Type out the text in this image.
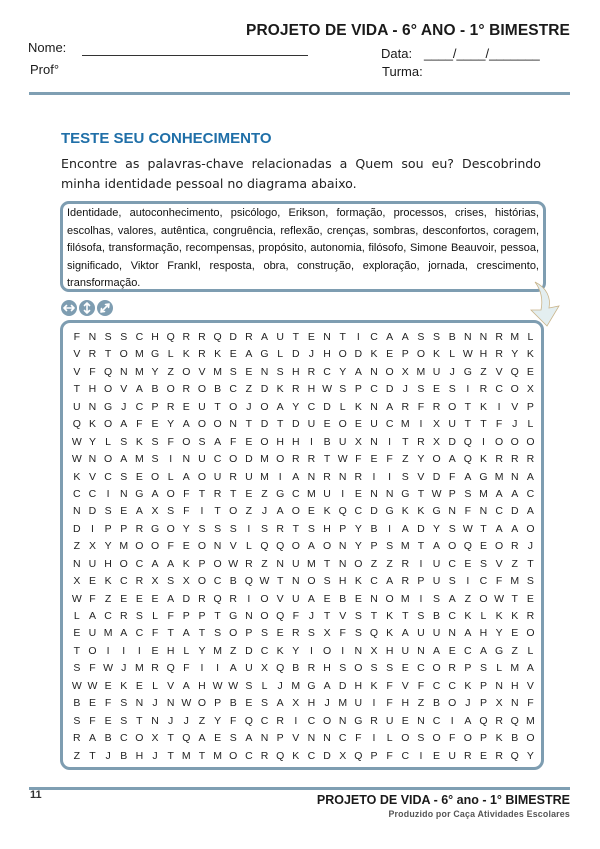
PROJETO DE VIDA - 6° ANO - 1° BIMESTRE
Nome:
Prof°
Data: ____/____/_______
Turma:
TESTE SEU CONHECIMENTO
Encontre as palavras-chave relacionadas a Quem sou eu? Descobrindo minha identidade pessoal no diagrama abaixo.
Identidade, autoconhecimento, psicólogo, Erikson, formação, processos, crises, histórias, escolhas, valores, autêntica, congruência, reflexão, crenças, sombras, desconfortos, coragem, filósofa, transformação, recompensas, propósito, autonomia, filósofo, Simone Beauvoir, pessoa, significado, Viktor Frankl, resposta, obra, construção, exploração, jornada, crescimento, transformação.
F N S S C H Q R R Q D R A U T E N T	I C A A S S B N N R M L
V R T O M G L K R K E A G L D J H O D K E P O K L W H R Y K
V F Q N M Y Z O V M S E N S H R C Y A N O X M U J G Z V Q E
T H O V A B O R O B C Z D K R H W S P C D J S E S	I R C O X
U N G J C P R E U T O J O A Y C D L K N A R F R O T K	I	V P
Q K O A F E Y A O O N T D T D U E O E U C M I	X U T T F J L
W Y L S K S F O S A F E O H H I	B U X N I	T R X D Q I O O O
W N O A M S	I N U C O D M O R R T W F E F Z Y O A Q K R R R
K V C S E O L A O U R U M I	A N R N R I	I	S V D F A G M N A
C C I N G A O F T R T E Z G C M U I	E N N G T W P S M A A C
N D S E A X S F	I	T O Z J A O E K Q C D G K K G N F N C D A
D I	P P R G O Y S S S	I	S R T S H P Y B	I	A D Y S W T A A O
Z X Y M O O F E O N V L Q Q O A O N Y P S M T A O Q E O R J
N U H O C A A K P O W R Z N U M T N O Z Z R I U C E S V Z T
X E K C R X S X O C B Q W T N O S H K C A R P U S	I C F M S
W F Z E E E A D R Q R I O V U A E B E N O M I	S A Z O W T E
L A C R S L F P P T G N O Q F J T V S T K T S B C K L K K R
E U M A C F T A T S O P S E R S X F S Q K A U U N A H Y E O
T O I	I	I	E H L Y M Z D C K Y	I O I N X H U N A E C A G Z L
S F W J M R Q F	I	I	A U X Q B R H S O S S E C O R P S L M A
W W E K E L V A H W W S L J M G A D H K F V F C C K P N H V
B E F S N J N W O P B E S A X H J M U I	F H Z B O J P X N F
S F E S T N J J Z Y F Q C R I C O N G R U E N C I	A Q R Q M
R A B C O X T Q A E S A N P V N N C F	I	L O S O F O P K B O
Z T J B H J T M T M O C R Q K C D X Q P F C I	E U R E R Q Y
11	PROJETO DE VIDA - 6° ano - 1° BIMESTRE
Produzido por Caça Atividades Escolares
